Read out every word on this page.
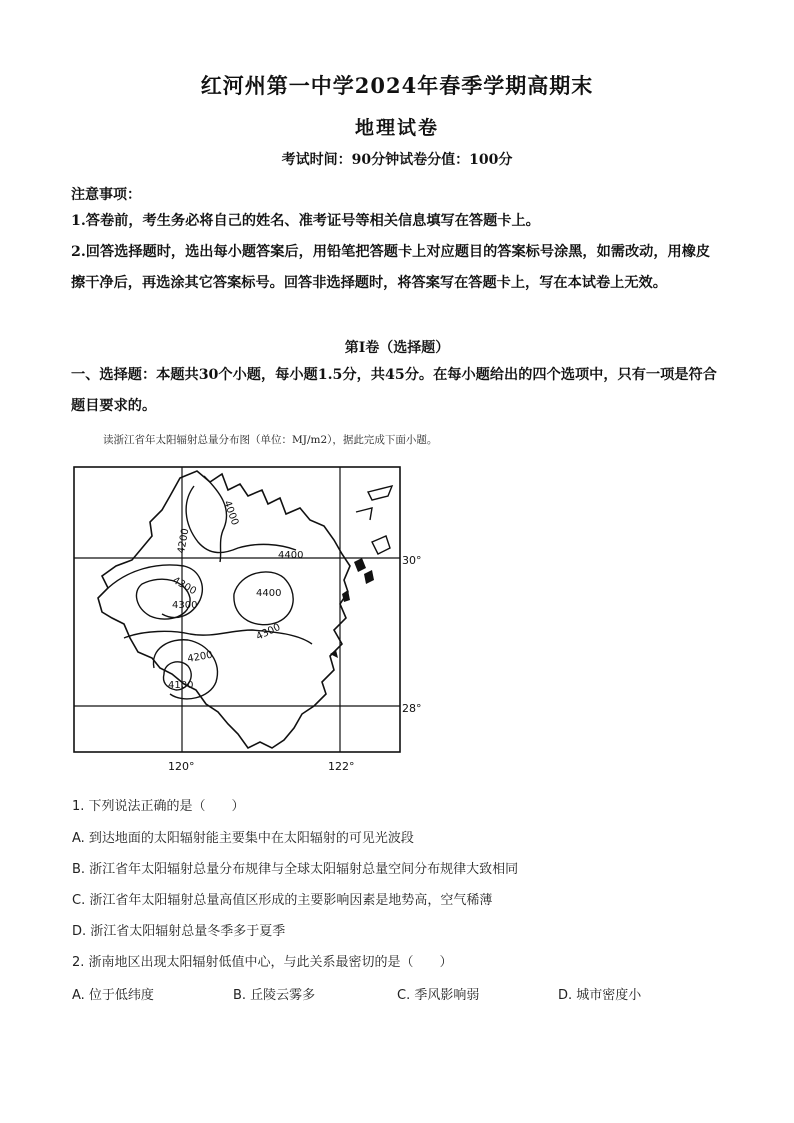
红河州第一中学2024年春季学期高期末
地理试卷
考试时间：90分钟试卷分值：100分
注意事项：
1.答卷前，考生务必将自己的姓名、准考证号等相关信息填写在答题卡上。
2.回答选择题时，选出每小题答案后，用铅笔把答题卡上对应题目的答案标号涂黑，如需改动，用橡皮擦干净后，再选涂其它答案标号。回答非选择题时，将答案写在答题卡上，写在本试卷上无效。
第Ⅰ卷（选择题）
一、选择题：本题共30个小题，每小题1.5分，共45分。在每小题给出的四个选项中，只有一项是符合题目要求的。
读浙江省年太阳辐射总量分布图（单位：MJ/m2），据此完成下面小题。
4000
4200
4300
4300
4400
4400
4300
4200
4100
30°
28°
120°	122°
1. 下列说法正确的是（　　）
A. 到达地面的太阳辐射能主要集中在太阳辐射的可见光波段
B. 浙江省年太阳辐射总量分布规律与全球太阳辐射总量空间分布规律大致相同
C. 浙江省年太阳辐射总量高值区形成的主要影响因素是地势高，空气稀薄
D. 浙江省太阳辐射总量冬季多于夏季
2. 浙南地区出现太阳辐射低值中心，与此关系最密切的是（　　）
A. 位于低纬度	B. 丘陵云雾多	C. 季风影响弱	D. 城市密度小
